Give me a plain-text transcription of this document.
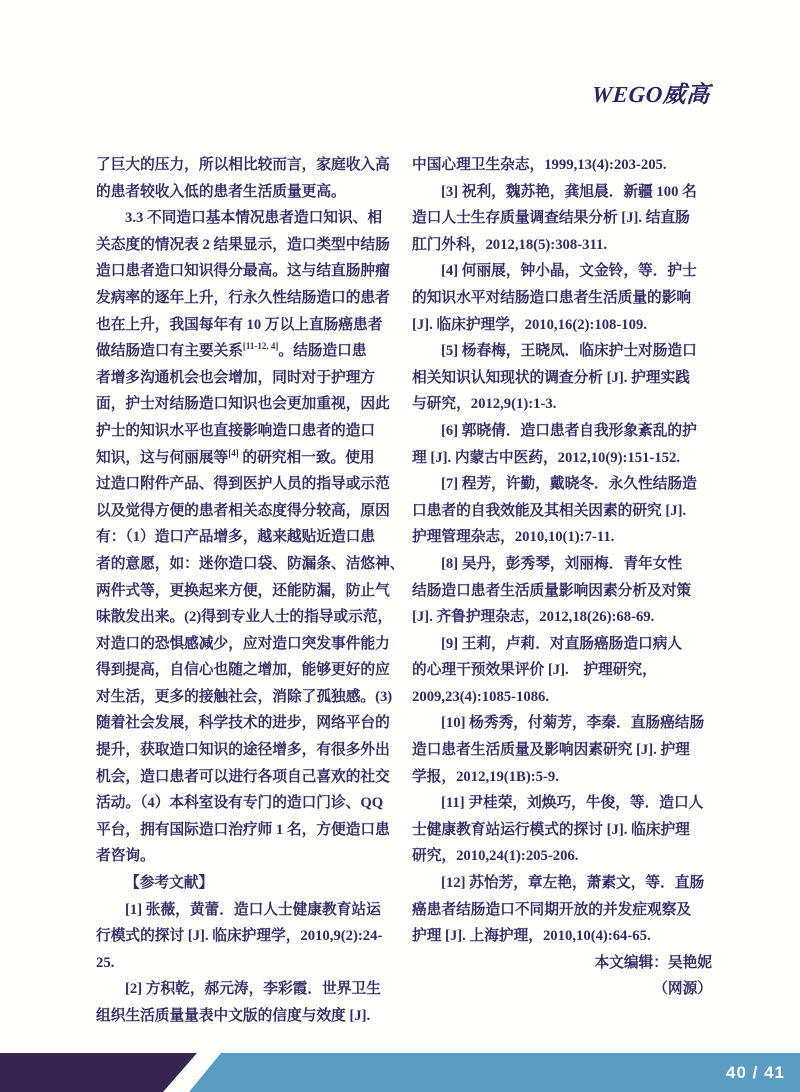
WEGO威高
了巨大的压力，所以相比较而言，家庭收入高
的患者较收入低的患者生活质量更高。
3.3 不同造口基本情况患者造口知识、相
关态度的情况表 2 结果显示，造口类型中结肠
造口患者造口知识得分最高。这与结直肠肿瘤
发病率的逐年上升，行永久性结肠造口的患者
也在上升，我国每年有 10 万以上直肠癌患者
做结肠造口有主要关系[11-12, 4]。结肠造口患
者增多沟通机会也会增加，同时对于护理方
面，护士对结肠造口知识也会更加重视，因此
护士的知识水平也直接影响造口患者的造口
知识，这与何丽展等[4] 的研究相一致。使用
过造口附件产品、得到医护人员的指导或示范
以及觉得方便的患者相关态度得分较高，原因
有：（1）造口产品增多，越来越贴近造口患
者的意愿，如：迷你造口袋、防漏条、洁悠神、
两件式等，更换起来方便，还能防漏，防止气
味散发出来。(2)得到专业人士的指导或示范，
对造口的恐惧感减少，应对造口突发事件能力
得到提高，自信心也随之增加，能够更好的应
对生活，更多的接触社会，消除了孤独感。(3)
随着社会发展，科学技术的进步，网络平台的
提升，获取造口知识的途径增多，有很多外出
机会，造口患者可以进行各项自己喜欢的社交
活动。（4）本科室设有专门的造口门诊、QQ
平台，拥有国际造口治疗师 1 名，方便造口患
者咨询。
【参考文献】
[1] 张薇，黄蕾．造口人士健康教育站运
行模式的探讨 [J]. 临床护理学，2010,9(2):24-
25.
[2] 方积乾，郝元涛，李彩霞．世界卫生
组织生活质量量表中文版的信度与效度 [J].
中国心理卫生杂志，1999,13(4):203-205.
[3] 祝利，魏苏艳，龚旭晨．新疆 100 名
造口人士生存质量调查结果分析 [J]. 结直肠
肛门外科，2012,18(5):308-311.
[4] 何丽展，钟小晶，文金铃，等．护士
的知识水平对结肠造口患者生活质量的影响
[J]. 临床护理学，2010,16(2):108-109.
[5] 杨春梅，王晓凤．临床护士对肠造口
相关知识认知现状的调查分析 [J]. 护理实践
与研究，2012,9(1):1-3.
[6] 郭晓倩．造口患者自我形象紊乱的护
理 [J]. 内蒙古中医药，2012,10(9):151-152.
[7] 程芳，许勤，戴晓冬．永久性结肠造
口患者的自我效能及其相关因素的研究 [J].
护理管理杂志，2010,10(1):7-11.
[8] 吴丹，彭秀琴，刘丽梅．青年女性
结肠造口患者生活质量影响因素分析及对策
[J]. 齐鲁护理杂志，2012,18(26):68-69.
[9] 王莉，卢莉．对直肠癌肠造口病人
的心理干预效果评价 [J].　护理研究，
2009,23(4):1085-1086.
[10] 杨秀秀，付菊芳，李秦．直肠癌结肠
造口患者生活质量及影响因素研究 [J]. 护理
学报，2012,19(1B):5-9.
[11] 尹桂荣，刘焕巧，牛俊，等．造口人
士健康教育站运行模式的探讨 [J]. 临床护理
研究，2010,24(1):205-206.
[12] 苏怡芳，章左艳，萧素文，等．直肠
癌患者结肠造口不同期开放的并发症观察及
护理 [J]. 上海护理，2010,10(4):64-65.
本文编辑：吴艳妮
（网源）
40 / 41
